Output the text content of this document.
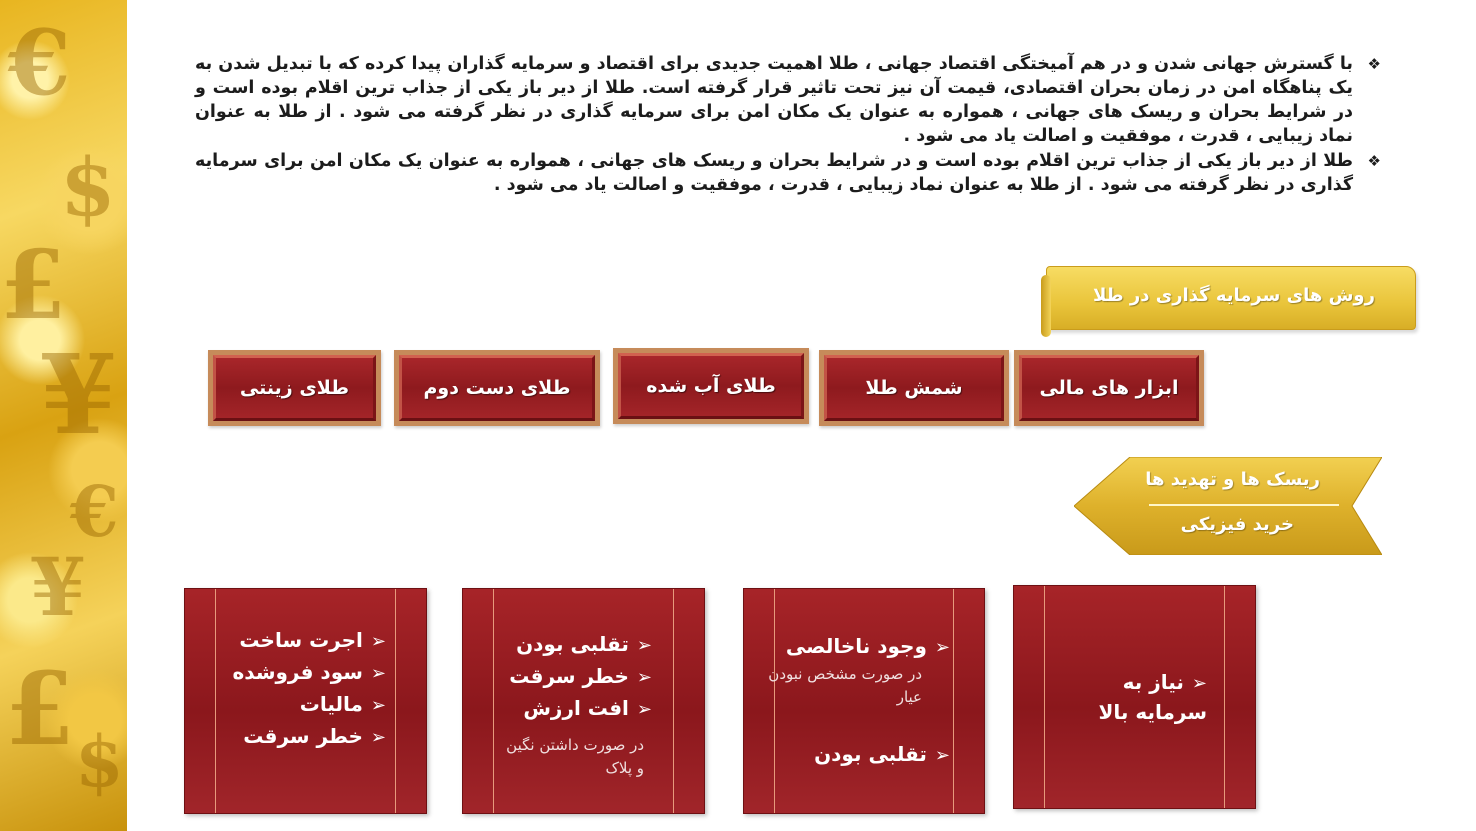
€
$
£
¥
€
¥
£ $

❖
با گسترش جهانی شدن و در هم آمیختگی اقتصاد جهانی ، طلا اهمیت جدیدی برای اقتصاد و سرمایه گذاران پیدا کرده که با تبدیل شدن به یک پناهگاه امن در زمان بحران اقتصادی، قیمت آن نیز تحت تاثیر قرار گرفته است. طلا از دیر باز یکی از جذاب ترین اقلام بوده است و در شرایط بحران و ریسک های جهانی ، همواره به عنوان یک مکان امن برای سرمایه گذاری در نظر گرفته می شود . از طلا به عنوان نماد زیبایی ، قدرت ، موفقیت و اصالت یاد می شود .

❖
طلا از دیر باز یکی از جذاب ترین اقلام بوده است و در شرایط بحران و ریسک های جهانی ، همواره به عنوان یک مکان امن برای سرمایه گذاری در نظر گرفته می شود . از طلا به عنوان نماد زیبایی ، قدرت ، موفقیت و اصالت یاد می شود .

روش های سرمایه گذاری در طلا
ابزار های مالی
شمش طلا
طلای آب شده
طلای دست دوم
طلای زینتی
ریسک ها و تهدید ها
خرید فیزیکی
➢نیاز به سرمایه بالا
➢وجود ناخالصی
در صورت مشخص نبودن عیار
➢تقلبی بودن
➢تقلبی بودن
➢خطر سرقت
➢افت ارزش
در صورت داشتن نگین و پلاک
➢اجرت ساخت
➢سود فروشده
➢مالیات
➢خطر سرقت
